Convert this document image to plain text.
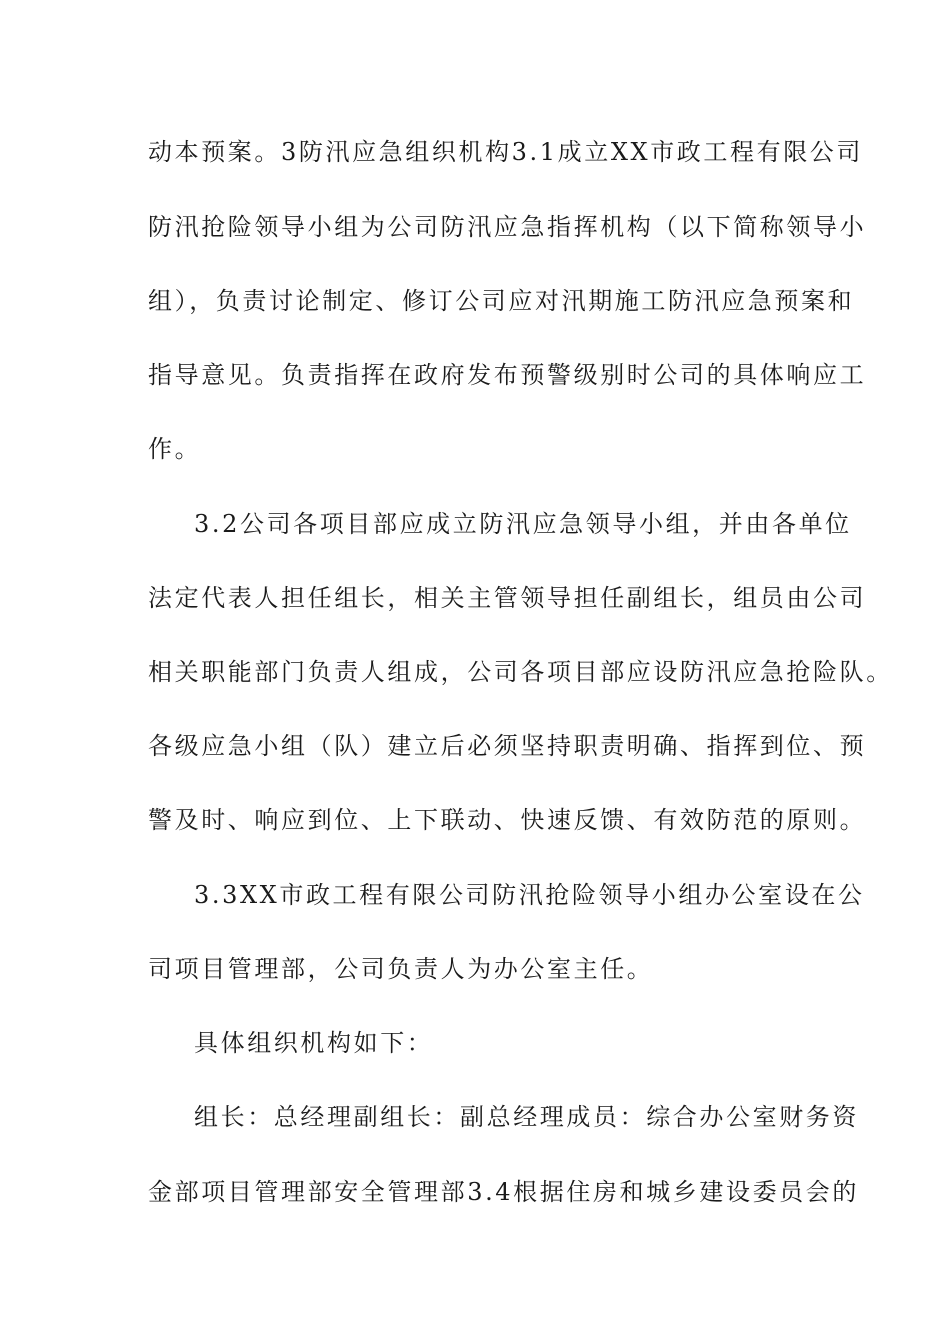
动本预案。3防汛应急组织机构3.1成立XX市政工程有限公司
防汛抢险领导小组为公司防汛应急指挥机构（以下简称领导小
组），负责讨论制定、修订公司应对汛期施工防汛应急预案和
指导意见。负责指挥在政府发布预警级别时公司的具体响应工
作。
3.2公司各项目部应成立防汛应急领导小组，并由各单位
法定代表人担任组长，相关主管领导担任副组长，组员由公司
相关职能部门负责人组成，公司各项目部应设防汛应急抢险队。
各级应急小组（队）建立后必须坚持职责明确、指挥到位、预
警及时、响应到位、上下联动、快速反馈、有效防范的原则。
3.3XX市政工程有限公司防汛抢险领导小组办公室设在公
司项目管理部，公司负责人为办公室主任。
具体组织机构如下：
组长：总经理副组长：副总经理成员：综合办公室财务资
金部项目管理部安全管理部3.4根据住房和城乡建设委员会的
